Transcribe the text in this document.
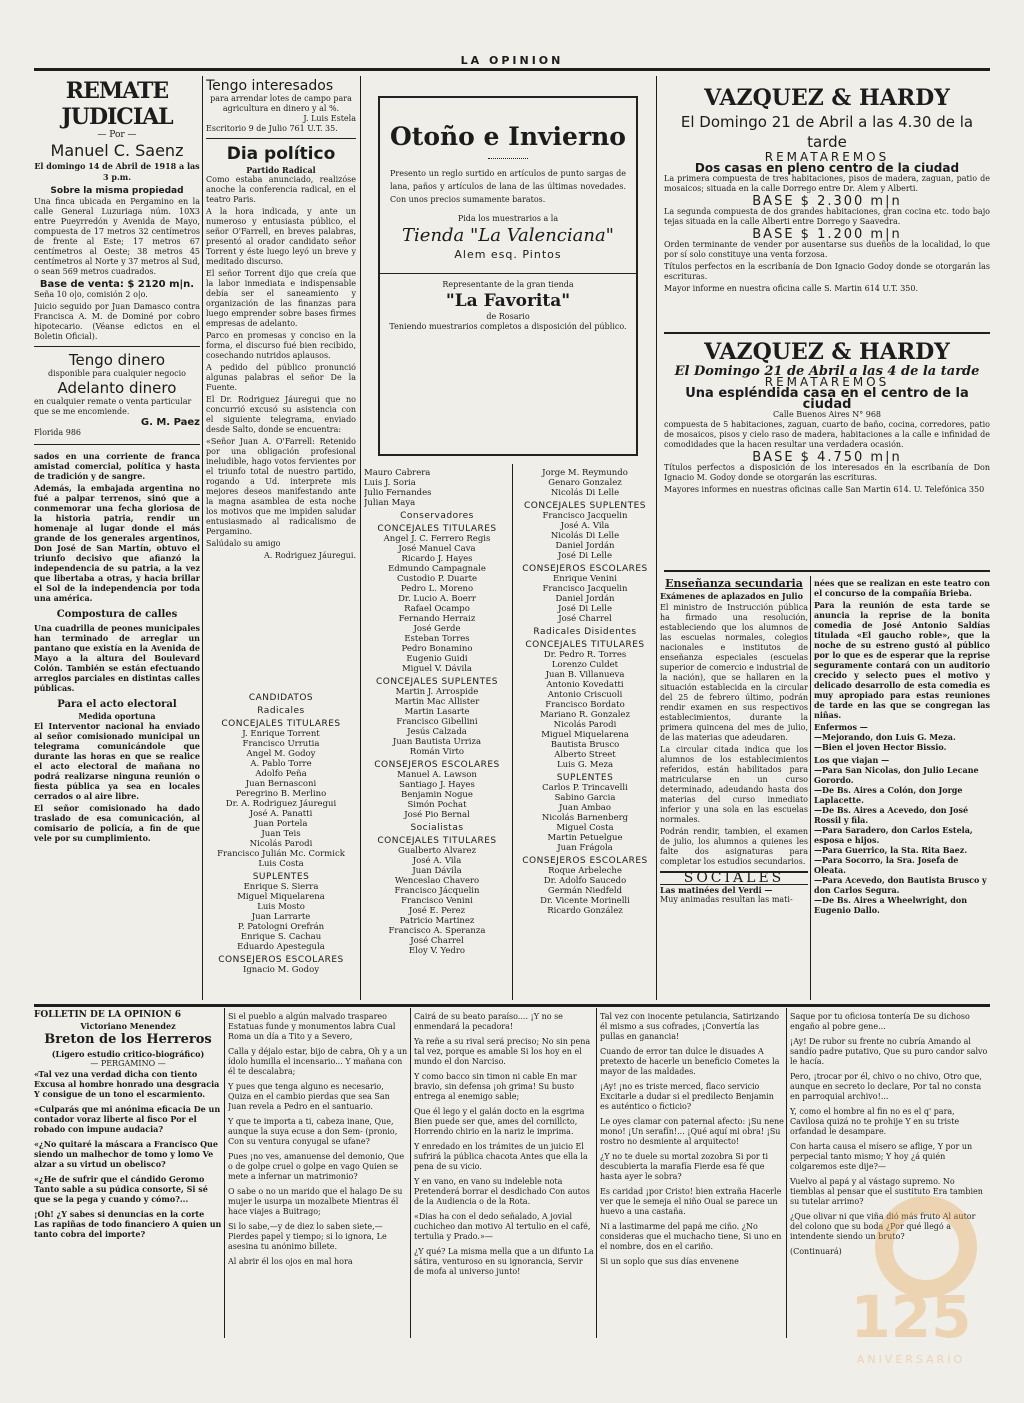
LA OPINION
REMATE JUDICIAL
— Por —
Manuel C. Saenz
El domingo 14 de Abril de 1918 a las 3 p.m.
Sobre la misma propiedad

Una finca ubicada en Pergamino en la calle General Luzuriaga núm. 10X3 entre Pueyrredón y Avenida de Mayo, compuesta de 17 metros 32 centímetros de frente al Este; 17 metros 67 centímetros al Oeste; 38 metros 45 centímetros al Norte y 37 metros al Sud, o sean 569 metros cuadrados.

Base de venta: $ 2120 m|n.

Seña 10 o|o, comisión 2 o|o.

Juicio seguido por Juan Damasco contra Francisca A. M. de Dominé por cobro hipotecario. (Véanse edictos en el Boletin Oficial).

Tengo dinero
disponible para cualquier negocio
Adelanto dinero
en cualquier remate o venta particular que se me encomiende.
G. M. Paez
Florida 986

sados en una corriente de franca amistad comercial, política y hasta de tradición y de sangre.

Además, la embajada argentina no fué a palpar terrenos, sinó que a conmemorar una fecha gloriosa de la historia patria, rendir un homenaje al lugar donde el más grande de los generales argentinos, Don José de San Martín, obtuvo el triunfo decisivo que afianzó la independencia de su patria, a la vez que libertaba a otras, y hacia brillar el Sol de la independencia por toda una américa.

Compostura de calles

Una cuadrilla de peones municipales han terminado de arreglar un pantano que existía en la Avenida de Mayo a la altura del Boulevard Colón. También se están efectuando arreglos parciales en distintas calles públicas.

Para el acto electoral
Medida oportuna

El Interventor nacional ha enviado al señor comisionado municipal un telegrama comunicándole que durante las horas en que se realice el acto electoral de mañana no podrá realizarse ninguna reunión o fiesta pública ya sea en locales cerrados o al aire libre.

El señor comisionado ha dado traslado de esa comunicación, al comisario de policía, a fin de que vele por su cumplimiento.

Tengo interesados
para arrendar lotes de campo para agricultura en dinero y al %.
J. Luis Estela
Escritorio 9 de Julio 761 U.T. 35.
Dia político
Partido Radical

Como estaba anunciado, realizóse anoche la conferencia radical, en el teatro Paris.

A la hora indicada, y ante un numeroso y entusiasta público, el señor O'Farrell, en breves palabras, presentó al orador candidato señor Torrent y éste luego leyó un breve y meditado discurso.

El señor Torrent dijo que creía que la labor inmediata e indispensable debía ser el saneamiento y organización de las finanzas para luego emprender sobre bases firmes empresas de adelanto.

Parco en promesas y conciso en la forma, el discurso fué bien recibido, cosechando nutridos aplausos.

A pedido del público pronunció algunas palabras el señor De la Fuente.

El Dr. Rodriguez Jáuregui que no concurrió excusó su asistencia con el siguiente telegrama, enviado desde Salto, donde se encuentra:

«Señor Juan A. O'Farrell: Retenido por una obligación profesional ineludible, hago votos fervientes por el triunfo total de nuestro partido, rogando a Ud. interprete mis mejores deseos manifestando ante la magna asamblea de esta noche los motivos que me impiden saludar entusiasmado al radicalismo de Pergamino.

Salúdalo su amigo

A. Rodriguez Jáuregui.
CANDIDATOS
Radicales
CONCEJALES TITULARES
J. Enrique Torrent
Francisco Urrutia
Angel M. Godoy
A. Pablo Torre
Adolfo Peña
Juan Bernasconi
Peregrino B. Merlino
Dr. A. Rodriguez Jáuregui
José A. Panatti
Juan Portela
Juan Teis
Nicolás Parodi
Francisco Julián Mc. Cormick
Luis Costa
SUPLENTES
Enrique S. Sierra
Miguel Miquelarena
Luis Mosto
Juan Larrarte
P. Patologni Orefrán
Enrique S. Cachau
Eduardo Apestegula
CONSEJEROS ESCOLARES
Ignacio M. Godoy
Otoño e Invierno

Presento un reglo surtido en artículos de punto sargas de lana, paños y artículos de lana de las últimas novedades. Con unos precios sumamente baratos.

Pida los muestrarios a la
Tienda "La Valenciana"
Alem esq. Pintos
Representante de la gran tienda
"La Favorita"
de Rosario
Teniendo muestrarios completos a disposición del público.
Mauro Cabrera
Luis J. Soria
Julio Fernandes
Julian Maya
Conservadores
CONCEJALES TITULARES
Angel J. C. Ferrero Regis
José Manuel Cava
Ricardo J. Hayes
Edmundo Campagnale
Custodio P. Duarte
Pedro L. Moreno
Dr. Lucio A. Boerr
Rafael Ocampo
Fernando Herraiz
José Gerde
Esteban Torres
Pedro Bonamino
Eugenio Guidi
Miguel V. Dávila
CONCEJALES SUPLENTES
Martin J. Arrospide
Martin Mac Allister
Martin Lasarte
Francisco Gibellini
Jesús Calzada
Juan Bautista Urriza
Román Virto
CONSEJEROS ESCOLARES
Manuel A. Lawson
Santiago J. Hayes
Benjamin Nogue
Simón Pochat
José Pio Bernal
Socialistas
CONCEJALES TITULARES
Gualberto Alvarez
José A. Vila
Juan Dávila
Wenceslao Chavero
Francisco Jácquelin
Francisco Venini
José E. Perez
Patricio Martinez
Francisco A. Speranza
José Charrel
Eloy V. Yedro
Jorge M. Reymundo
Genaro Gonzalez
Nicolás Di Lelle
CONCEJALES SUPLENTES
Francisco Jacquelin
José A. Vila
Nicolás Di Lelle
Daniel Jordán
José Di Lelle
CONSEJEROS ESCOLARES
Enrique Venini
Francisco Jacquelin
Daniel Jordán
José Di Lelle
José Charrel
Radicales Disidentes
CONCEJALES TITULARES
Dr. Pedro R. Torres
Lorenzo Culdet
Juan B. Villanueva
Antonio Kovedatti
Antonio Criscuoli
Francisco Bordato
Mariano R. Gonzalez
Nicolás Parodi
Miguel Miquelarena
Bautista Brusco
Alberto Street
Luis G. Meza
SUPLENTES
Carlos P. Trincavelli
Sabino Garcia
Juan Ambao
Nicolás Barnenberg
Miguel Costa
Martin Petuelgue
Juan Frágola
CONSEJEROS ESCOLARES
Roque Arbeleche
Dr. Adolfo Saucedo
Germán Niedfeld
Dr. Vicente Morinelli
Ricardo González
VAZQUEZ & HARDY
El Domingo 21 de Abril a las 4.30 de la tarde
REMATAREMOS
Dos casas en pleno centro de la ciudad

La primera compuesta de tres habitaciones, pisos de madera, zaguan, patio de mosaicos; situada en la calle Dorrego entre Dr. Alem y Alberti.

BASE $ 2.300 m|n

La segunda compuesta de dos grandes habitaciones, gran cocina etc. todo bajo tejas situada en la calle Alberti entre Dorrego y Saavedra.

BASE $ 1.200 m|n

Orden terminante de vender por ausentarse sus dueños de la localidad, lo que por sí solo constituye una venta forzosa.

Títulos perfectos en la escribanía de Don Ignacio Godoy donde se otorgarán las escrituras.

Mayor informe en nuestra oficina calle S. Martin 614 U.T. 350.

VAZQUEZ & HARDY
El Domingo 21 de Abril a las 4 de la tarde
REMATAREMOS
Una espléndida casa en el centro de la ciudad
Calle Buenos Aires N° 968

compuesta de 5 habitaciones, zaguan, cuarto de baño, cocina, corredores, patio de mosaicos, pisos y cielo raso de madera, habitaciones a la calle e infinidad de comodidades que la hacen resultar una verdadera ocasión.

BASE $ 4.750 m|n

Títulos perfectos a disposición de los interesados en la escribanía de Don Ignacio M. Godoy donde se otorgarán las escrituras.

Mayores informes en nuestras oficinas calle San Martin 614. U. Telefónica 350

Enseñanza secundaria
Exámenes de aplazados en Julio

El ministro de Instrucción pública ha firmado una resolución, estableciendo que los alumnos de las escuelas normales, colegios nacionales e institutos de enseñanza especiales (escuelas superior de comercio e industrial de la nación), que se hallaren en la situación establecida en la circular del 25 de febrero último, podrán rendir examen en sus respectivos establecimientos, durante la primera quincena del mes de julio, de las materias que adeudaren.

La circular citada indica que los alumnos de los establecimientos referidos, están habilitados para matricularse en un curso determinado, adeudando hasta dos materias del curso inmediato inferior y una sola en las escuelas normales.

Podrán rendir, tambien, el examen de julio, los alumnos a quienes les falte dos asignaturas para completar los estudios secundarios.

SOCIALES
Las matinées del Verdi —
Muy animadas resultan las mati-

nées que se realizan en este teatro con el concurso de la compañía Brieba.

Para la reunión de esta tarde se anuncia la reprise de la bonita comedia de José Antonio Saldías titulada «El gaucho roble», que la noche de su estreno gustó al público por lo que es de esperar que la reprise seguramente contará con un auditorio crecido y selecto pues el motivo y delicado desarrollo de esta comedia es muy apropiado para estas reuniones de tarde en las que se congregan las niñas.

Enfermos —
—Mejorando, don Luis G. Meza.
—Bien el joven Hector Bissio.
Los que viajan —
—Para San Nicolas, don Julio Lecane Gorordo.
—De Bs. Aires a Colón, don Jorge Laplacette.
—De Bs. Aires a Acevedo, don José Rossil y fila.
—Para Saradero, don Carlos Estela, esposa e hijos.
—Para Guerrico, la Sta. Rita Baez.
—Para Socorro, la Sra. Josefa de Oleata.
—Para Acevedo, don Bautista Brusco y don Carlos Segura.
—De Bs. Aires a Wheelwright, don Eugenio Dallo.
FOLLETIN DE LA OPINION 6
Victoriano Menendez
Breton de los Herreros
(Ligero estudio critico-biográfico)
— PERGAMINO —

«Tal vez una verdad dicha con tiento Excusa al hombre honrado una desgracia Y consigue de un tono el escarmiento.

«Culparás que mi anónima eficacia De un contador voraz liberte al fisco Por el robado con impune audacia?

«¿No quitaré la máscara a Francisco Que siendo un malhechor de tomo y lomo Ve alzar a su virtud un obelisco?

«¿He de sufrir que el cándido Geromo Tanto sable a su púdica consorte, Si sé que se la pega y cuando y cómo?...

¡Oh! ¿Y sabes si denuncias en la corte Las rapiñas de todo financiero A quien un tanto cobra del importe?

Si el pueblo a algún malvado traspareo Estatuas funde y monumentos labra Cual Roma un día a Tito y a Severo,

Calla y déjalo estar, bijo de cabra, Oh y a un ídolo humilla el incensario... Y mañana con él te descalabra;

Y pues que tenga alguno es necesario, Quiza en el cambio pierdas que sea San Juan revela a Pedro en el santuario.

Y que te importa a ti, cabeza inane, Que, aunque la suya ecuse a don Sem- (pronio, Con su ventura conyugal se ufane?

Pues ¡no ves, amanuense del demonio, Que o de golpe cruel o golpe en vago Quien se mete a infernar un matrimonio?

O sabe o no un marido que el halago De su mujer le usurpa un mozalbete Mientras él hace viajes a Buitrago;

Si lo sabe,—y de diez lo saben siete,— Pierdes papel y tiempo; si lo ignora, Le asesina tu anónimo billete.

Al abrir él los ojos en mal hora

Cairá de su beato paraíso.... ¡Y no se enmendará la pecadora!

Ya reñe a su rival será preciso; No sin pena tal vez, porque es amable Si los hoy en el mundo el don Narciso.

Y como bacco sin timon ni cable En mar bravio, sin defensa ¡oh grima! Su busto entrega al enemigo sable;

Que él lego y el galán docto en la esgrima Bien puede ser que, ames del cornillcto, Horrendo chirio en la nariz le imprima.

Y enredado en los trámites de un juicio El sufrirá la pública chacota Antes que ella la pena de su vicio.

Y en vano, en vano su indeleble nota Pretenderá borrar el desdichado Con autos de la Audiencia o de la Rota.

«Dias ha con el dedo señalado, A jovial cuchicheo dan motivo Al tertulio en el café, tertulia y Prado.»—

¿Y qué? La misma mella que a un difunto La sátira, venturoso en su ignorancia, Servir de mofa al universo junto!

Tal vez con inocente petulancia, Satirizando él mismo a sus cofrades, ¡Convertía las pullas en ganancia!

Cuando de error tan dulce le disuades A pretexto de hacerle un beneficio Cometes la mayor de las maldades.

¡Ay! ¡no es triste merced, flaco servicio Excitarle a dudar si el predilecto Benjamin es auténtico o ficticio?

Le oyes clamar con paternal afecto: ¡Su nene mono! ¡Un serafín!... ¡Qué aquí mi obra! ¡Su rostro no desmiente al arquitecto!

¿Y no te duele su mortal zozobra Si por ti descubierta la marafía Fierde esa fé que hasta ayer le sobra?

Es caridad ¡por Cristo! bien extraña Hacerle ver que le semeja el niño Oual se parece un huevo a una castaña.

Ni a lastimarme del papá me ciño. ¿No consideras que el muchacho tiene, Si uno en el nombre, dos en el cariño.

Si un soplo que sus días envenene

Saque por tu oficiosa tontería De su dichoso engaño al pobre gene...

¡Ay! De rubor su frente no cubría Amando al sandío padre putativo, Que su puro candor salvo le hacía.

Pero, ¡trocar por él, chivo o no chivo, Otro que, aunque en secreto lo declare, Por tal no consta en parroquial archivo!...

Y, como el hombre al fin no es el q' para, Cavilosa quizá no te prohije Y en su triste orfandad le desampare.

Con harta causa el mísero se aflige, Y por un perpecial tanto mismo; Y hoy ¿á quién colgaremos este dije?—

Vuelvo al papá y al vástago supremo. No tiemblas al pensar que el sustituto Era tambien su tutelar arrimo?

¿Que olivar ni que viña dió más fruto Al autor del colono que su boda ¿Por qué llegó a intendente siendo un bruto?

(Continuará)

125
ANIVERSARIO
